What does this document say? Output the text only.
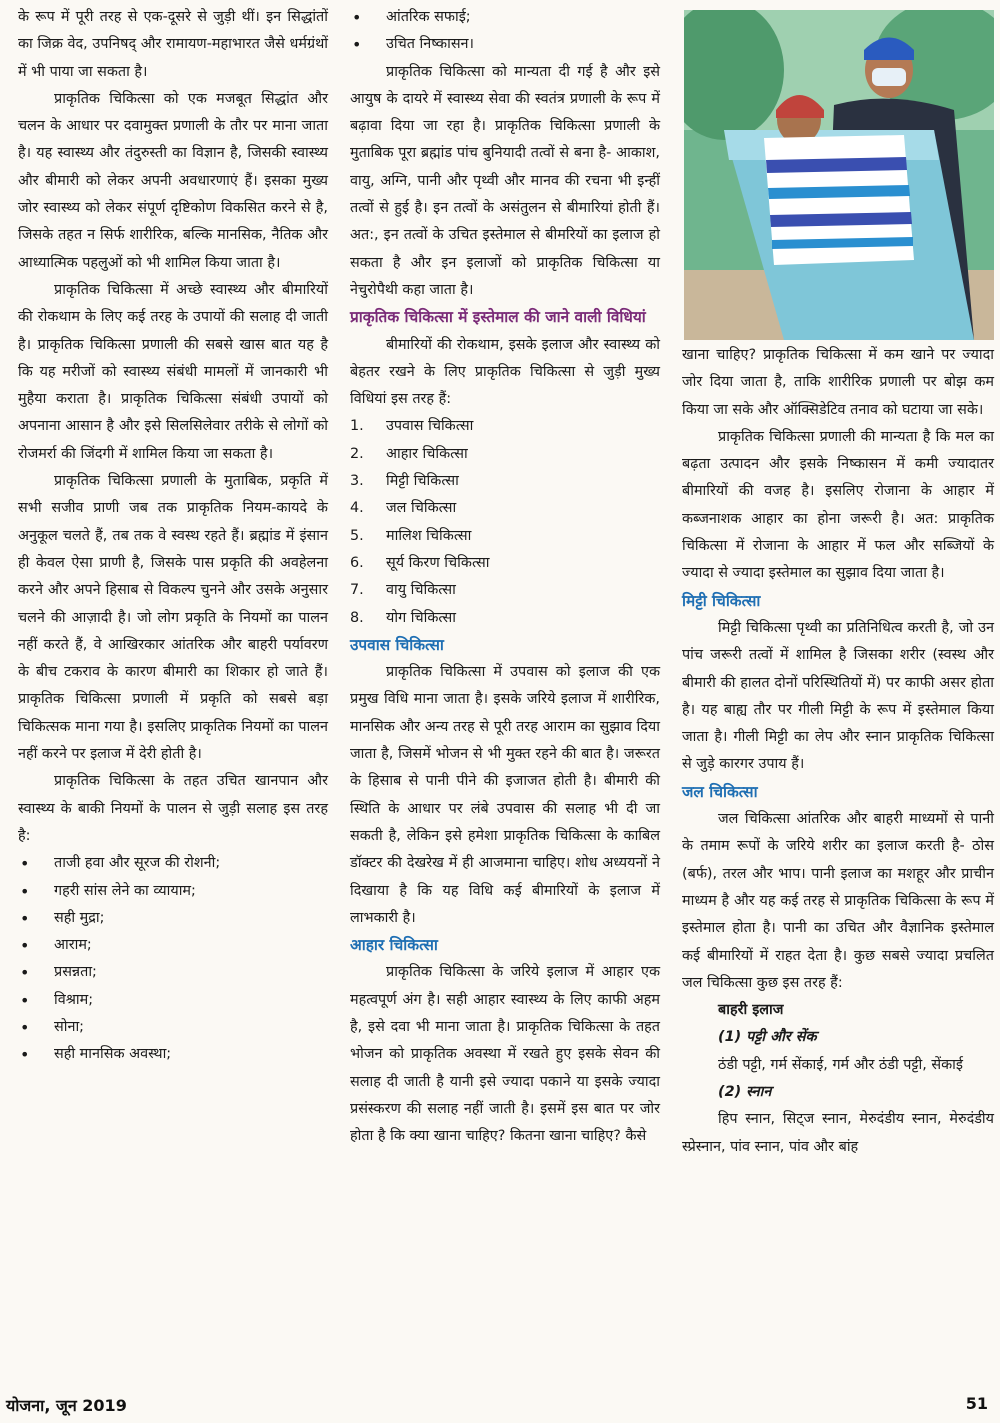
के रूप में पूरी तरह से एक-दूसरे से जुड़ी थीं। इन सिद्धांतों का जिक्र वेद, उपनिषद् और रामायण-महाभारत जैसे धर्मग्रंथों में भी पाया जा सकता है।

प्राकृतिक चिकित्सा को एक मजबूत सिद्धांत और चलन के आधार पर दवामुक्त प्रणाली के तौर पर माना जाता है। यह स्वास्थ्य और तंदुरुस्ती का विज्ञान है, जिसकी स्वास्थ्य और बीमारी को लेकर अपनी अवधारणाएं हैं। इसका मुख्य जोर स्वास्थ्य को लेकर संपूर्ण दृष्टिकोण विकसित करने से है, जिसके तहत न सिर्फ शारीरिक, बल्कि मानसिक, नैतिक और आध्यात्मिक पहलुओं को भी शामिल किया जाता है।

प्राकृतिक चिकित्सा में अच्छे स्वास्थ्य और बीमारियों की रोकथाम के लिए कई तरह के उपायों की सलाह दी जाती है। प्राकृतिक चिकित्सा प्रणाली की सबसे खास बात यह है कि यह मरीजों को स्वास्थ्य संबंधी मामलों में जानकारी भी मुहैया कराता है। प्राकृतिक चिकित्सा संबंधी उपायों को अपनाना आसान है और इसे सिलसिलेवार तरीके से लोगों को रोजमर्रा की जिंदगी में शामिल किया जा सकता है।

प्राकृतिक चिकित्सा प्रणाली के मुताबिक, प्रकृति में सभी सजीव प्राणी जब तक प्राकृतिक नियम-कायदे के अनुकूल चलते हैं, तब तक वे स्वस्थ रहते हैं। ब्रह्मांड में इंसान ही केवल ऐसा प्राणी है, जिसके पास प्रकृति की अवहेलना करने और अपने हिसाब से विकल्प चुनने और उसके अनुसार चलने की आज़ादी है। जो लोग प्रकृति के नियमों का पालन नहीं करते हैं, वे आखिरकार आंतरिक और बाहरी पर्यावरण के बीच टकराव के कारण बीमारी का शिकार हो जाते हैं। प्राकृतिक चिकित्सा प्रणाली में प्रकृति को सबसे बड़ा चिकित्सक माना गया है। इसलिए प्राकृतिक नियमों का पालन नहीं करने पर इलाज में देरी होती है।

प्राकृतिक चिकित्सा के तहत उचित खानपान और स्वास्थ्य के बाकी नियमों के पालन से जुड़ी सलाह इस तरह है:

• ताजी हवा और सूरज की रोशनी;
• गहरी सांस लेने का व्यायाम;
• सही मुद्रा;
• आराम;
• प्रसन्नता;
• विश्राम;
• सोना;
• सही मानसिक अवस्था;
• आंतरिक सफाई;
• उचित निष्कासन।

प्राकृतिक चिकित्सा को मान्यता दी गई है और इसे आयुष के दायरे में स्वास्थ्य सेवा की स्वतंत्र प्रणाली के रूप में बढ़ावा दिया जा रहा है। प्राकृतिक चिकित्सा प्रणाली के मुताबिक पूरा ब्रह्मांड पांच बुनियादी तत्वों से बना है- आकाश, वायु, अग्नि, पानी और पृथ्वी और मानव की रचना भी इन्हीं तत्वों से हुई है। इन तत्वों के असंतुलन से बीमारियां होती हैं। अत:, इन तत्वों के उचित इस्तेमाल से बीमरियों का इलाज हो सकता है और इन इलाजों को प्राकृतिक चिकित्सा या नेचुरोपैथी कहा जाता है।

प्राकृतिक चिकित्सा में इस्तेमाल की जाने वाली विधियां

बीमारियों की रोकथाम, इसके इलाज और स्वास्थ्य को बेहतर रखने के लिए प्राकृतिक चिकित्सा से जुड़ी मुख्य विधियां इस तरह हैं:

1.	उपवास चिकित्सा
2.	आहार चिकित्सा
3.	मिट्टी चिकित्सा
4.	जल चिकित्सा
5.	मालिश चिकित्सा
6.	सूर्य किरण चिकित्सा
7.	वायु चिकित्सा
8.	योग चिकित्सा
उपवास चिकित्सा

प्राकृतिक चिकित्सा में उपवास को इलाज की एक प्रमुख विधि माना जाता है। इसके जरिये इलाज में शारीरिक, मानसिक और अन्य तरह से पूरी तरह आराम का सुझाव दिया जाता है, जिसमें भोजन से भी मुक्त रहने की बात है। जरूरत के हिसाब से पानी पीने की इजाजत होती है। बीमारी की स्थिति के आधार पर लंबे उपवास की सलाह भी दी जा सकती है, लेकिन इसे हमेशा प्राकृतिक चिकित्सा के काबिल डॉक्टर की देखरेख में ही आजमाना चाहिए। शोध अध्ययनों ने दिखाया है कि यह विधि कई बीमारियों के इलाज में लाभकारी है।

आहार चिकित्सा

प्राकृतिक चिकित्सा के जरिये इलाज में आहार एक महत्वपूर्ण अंग है। सही आहार स्वास्थ्य के लिए काफी अहम है, इसे दवा भी माना जाता है। प्राकृतिक चिकित्सा के तहत भोजन को प्राकृतिक अवस्था में रखते हुए इसके सेवन की सलाह दी जाती है यानी इसे ज्यादा पकाने या इसके ज्यादा प्रसंस्करण की सलाह नहीं जाती है। इसमें इस बात पर जोर होता है कि क्या खाना चाहिए? कितना खाना चाहिए? कैसे

खाना चाहिए? प्राकृतिक चिकित्सा में कम खाने पर ज्यादा जोर दिया जाता है, ताकि शारीरिक प्रणाली पर बोझ कम किया जा सके और ऑक्सिडेटिव तनाव को घटाया जा सके।

प्राकृतिक चिकित्सा प्रणाली की मान्यता है कि मल का बढ़ता उत्पादन और इसके निष्कासन में कमी ज्यादातर बीमारियों की वजह है। इसलिए रोजाना के आहार में कब्जनाशक आहार का होना जरूरी है। अत: प्राकृतिक चिकित्सा में रोजाना के आहार में फल और सब्जियों के ज्यादा से ज्यादा इस्तेमाल का सुझाव दिया जाता है।

मिट्टी चिकित्सा

मिट्टी चिकित्सा पृथ्वी का प्रतिनिधित्व करती है, जो उन पांच जरूरी तत्वों में शामिल है जिसका शरीर (स्वस्थ और बीमारी की हालत दोनों परिस्थितियों में) पर काफी असर होता है। यह बाह्य तौर पर गीली मिट्टी के रूप में इस्तेमाल किया जाता है। गीली मिट्टी का लेप और स्नान प्राकृतिक चिकित्सा से जुड़े कारगर उपाय हैं।

जल चिकित्सा

जल चिकित्सा आंतरिक और बाहरी माध्यमों से पानी के तमाम रूपों के जरिये शरीर का इलाज करती है- ठोस (बर्फ), तरल और भाप। पानी इलाज का मशहूर और प्राचीन माध्यम है और यह कई तरह से प्राकृतिक चिकित्सा के रूप में इस्तेमाल होता है। पानी का उचित और वैज्ञानिक इस्तेमाल कई बीमारियों में राहत देता है। कुछ सबसे ज्यादा प्रचलित जल चिकित्सा कुछ इस तरह हैं:

बाहरी इलाज

(1) पट्टी और सेंक

ठंडी पट्टी, गर्म सेंकाई, गर्म और ठंडी पट्टी, सेंकाई

(2) स्नान

हिप स्नान, सिट्ज स्नान, मेरुदंडीय स्नान, मेरुदंडीय स्प्रेस्नान, पांव स्नान, पांव और बांह

योजना, जून 2019	51
